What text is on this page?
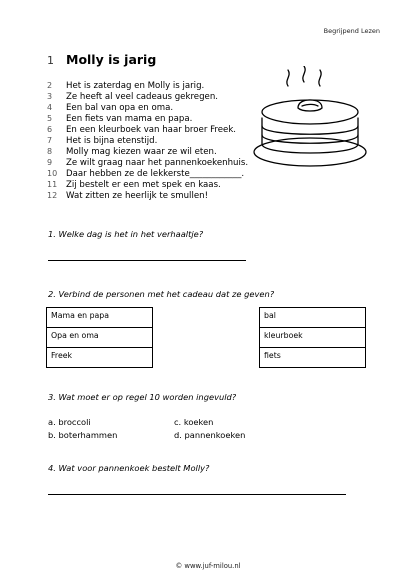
Begrijpend Lezen
1 Molly is jarig
2	Het is zaterdag en Molly is jarig.
3	Ze heeft al veel cadeaus gekregen.
4	Een bal van opa en oma.
5	Een fiets van mama en papa.
6	En een kleurboek van haar broer Freek.
7	Het is bijna etenstijd.
8	Molly mag kiezen waar ze wil eten.
9	Ze wilt graag naar het pannenkoekenhuis.
10	Daar hebben ze de lekkerste____________.
11	Zij bestelt er een met spek en kaas.
12	Wat zitten ze heerlijk te smullen!
1. Welke dag is het in het verhaaltje?
2. Verbind de personen met het cadeau dat ze geven?
Mama en papa
Opa en oma
Freek
bal
kleurboek
fiets
3. Wat moet er op regel 10 worden ingevuld?
a. broccoli	c. koeken
b. boterhammen	d. pannenkoeken
4. Wat voor pannenkoek bestelt Molly?
© www.juf-milou.nl
